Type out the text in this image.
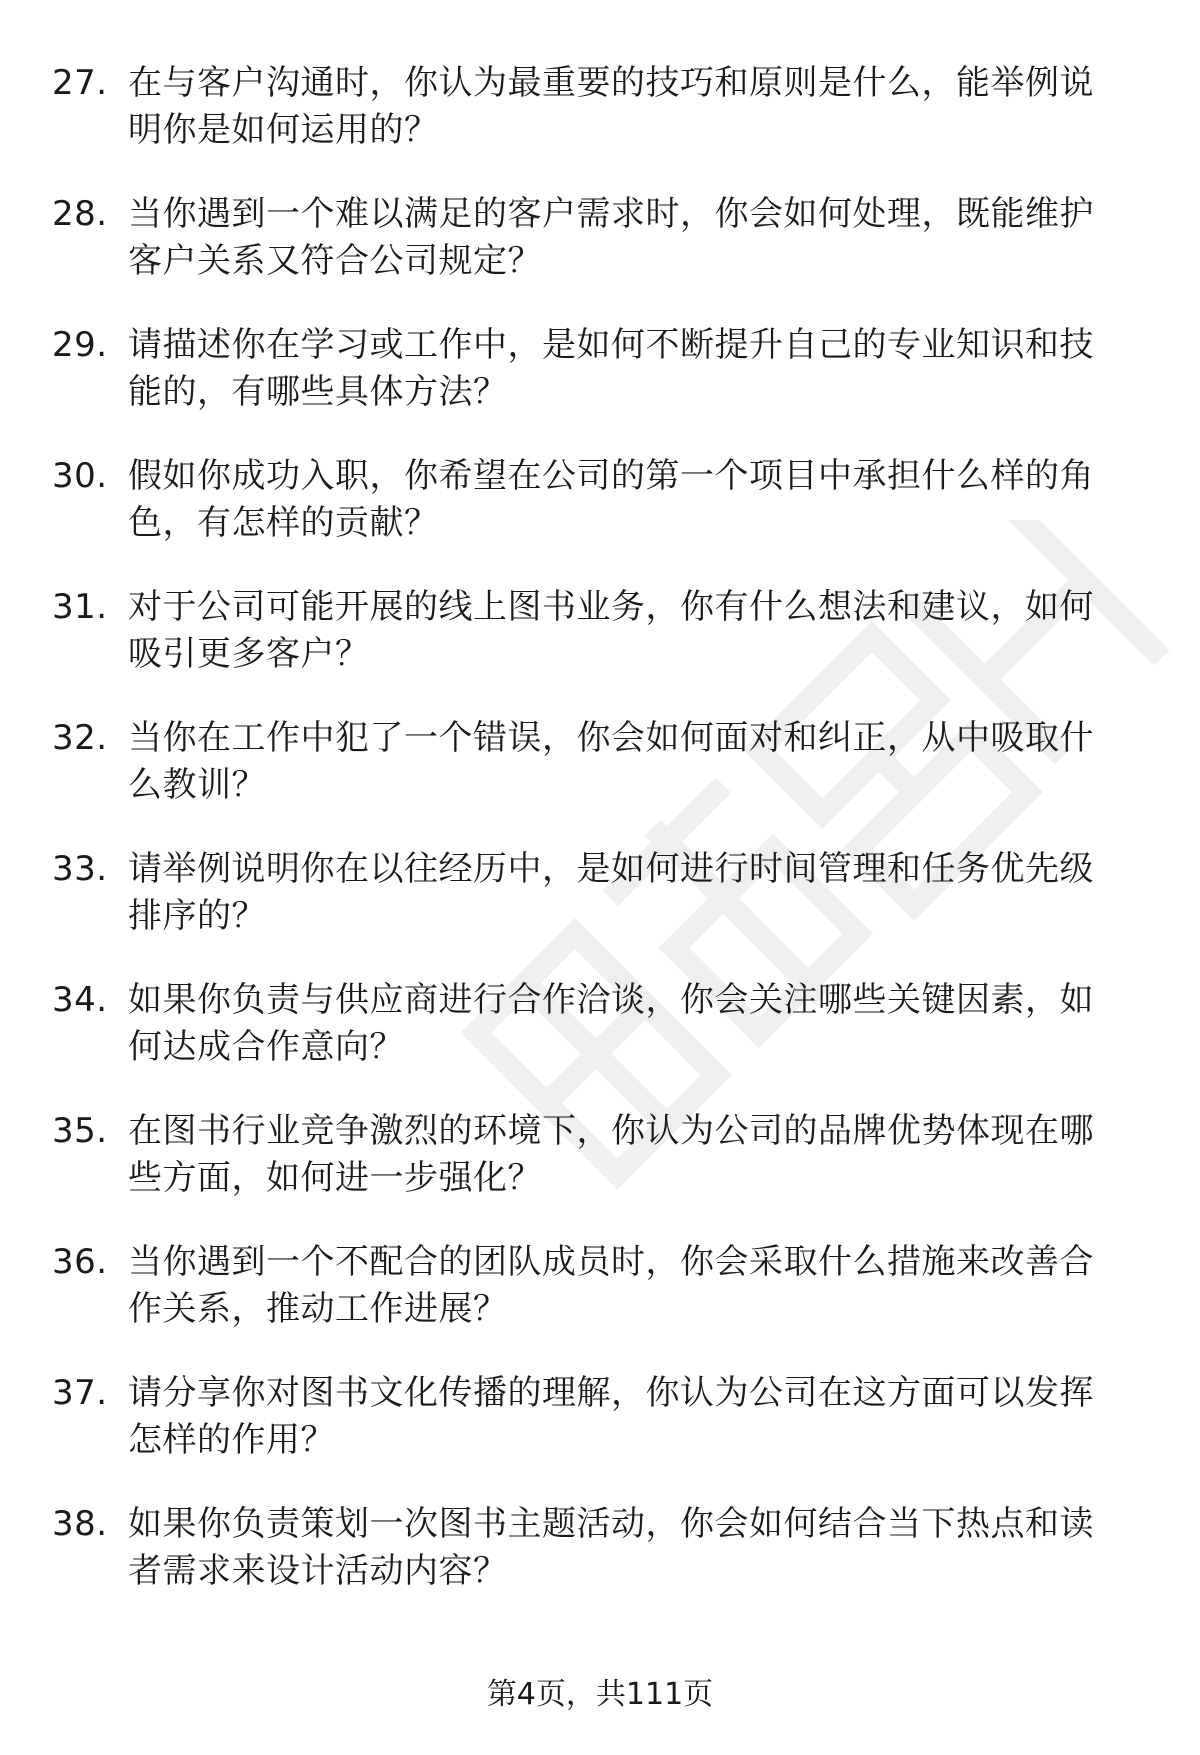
27. 在与客户沟通时，你认为最重要的技巧和原则是什么，能举例说
明你是如何运用的？
28. 当你遇到一个难以满足的客户需求时，你会如何处理，既能维护
客户关系又符合公司规定？
29. 请描述你在学习或工作中，是如何不断提升自己的专业知识和技
能的，有哪些具体方法？
30. 假如你成功入职，你希望在公司的第一个项目中承担什么样的角
色，有怎样的贡献？
31. 对于公司可能开展的线上图书业务，你有什么想法和建议，如何
吸引更多客户？
32. 当你在工作中犯了一个错误，你会如何面对和纠正，从中吸取什
么教训？
33. 请举例说明你在以往经历中，是如何进行时间管理和任务优先级
排序的？
34. 如果你负责与供应商进行合作洽谈，你会关注哪些关键因素，如
何达成合作意向？
35. 在图书行业竞争激烈的环境下，你认为公司的品牌优势体现在哪
些方面，如何进一步强化？
36. 当你遇到一个不配合的团队成员时，你会采取什么措施来改善合
作关系，推动工作进展？
37. 请分享你对图书文化传播的理解，你认为公司在这方面可以发挥
怎样的作用？
38. 如果你负责策划一次图书主题活动，你会如何结合当下热点和读
者需求来设计活动内容？
第4页，共111页
